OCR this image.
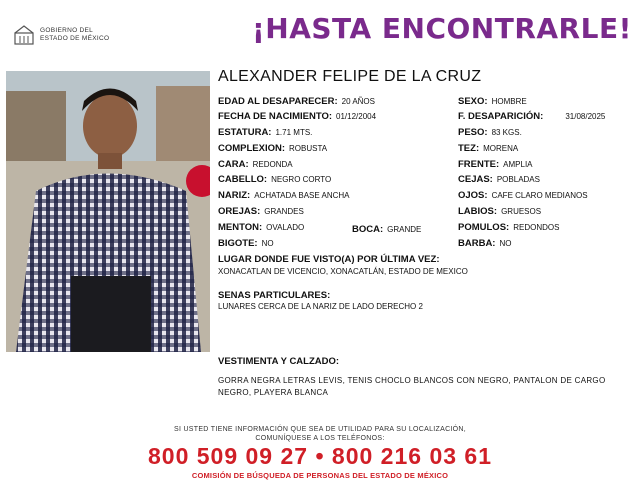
GOBIERNO DEL
ESTADO DE MÉXICO	¡HASTA ENCONTRARLE!
ALEXANDER FELIPE DE LA CRUZ
EDAD AL DESAPARECER: 20 AÑOS
FECHA DE NACIMIENTO: 01/12/2004
ESTATURA: 1.71 MTS.
COMPLEXION: ROBUSTA
CARA: REDONDA
CABELLO: NEGRO CORTO
NARIZ: ACHATADA BASE ANCHA
OREJAS: GRANDES
MENTON: OVALADO	BOCA: GRANDE
BIGOTE: NO
SEXO: HOMBRE
F. DESAPARICIÓN:	31/08/2025
PESO: 83 KGS.
TEZ: MORENA
FRENTE: AMPLIA
CEJAS: POBLADAS
OJOS: CAFE CLARO MEDIANOS
LABIOS: GRUESOS
POMULOS: REDONDOS
BARBA: NO
LUGAR DONDE FUE VISTO(A) POR ÚLTIMA VEZ:
XONACATLAN DE VICENCIO, XONACATLÁN, ESTADO DE MEXICO
SENAS PARTICULARES:
LUNARES CERCA DE LA NARIZ DE LADO DERECHO 2
VESTIMENTA Y CALZADO:
GORRA NEGRA LETRAS LEVIS, TENIS CHOCLO BLANCOS CON NEGRO, PANTALON DE CARGO NEGRO, PLAYERA BLANCA
SI USTED TIENE INFORMACIÓN QUE SEA DE UTILIDAD PARA SU LOCALIZACIÓN,
COMUNÍQUESE A LOS TELÉFONOS:
800 509 09 27 • 800 216 03 61
COMISIÓN DE BÚSQUEDA DE PERSONAS DEL ESTADO DE MÉXICO
